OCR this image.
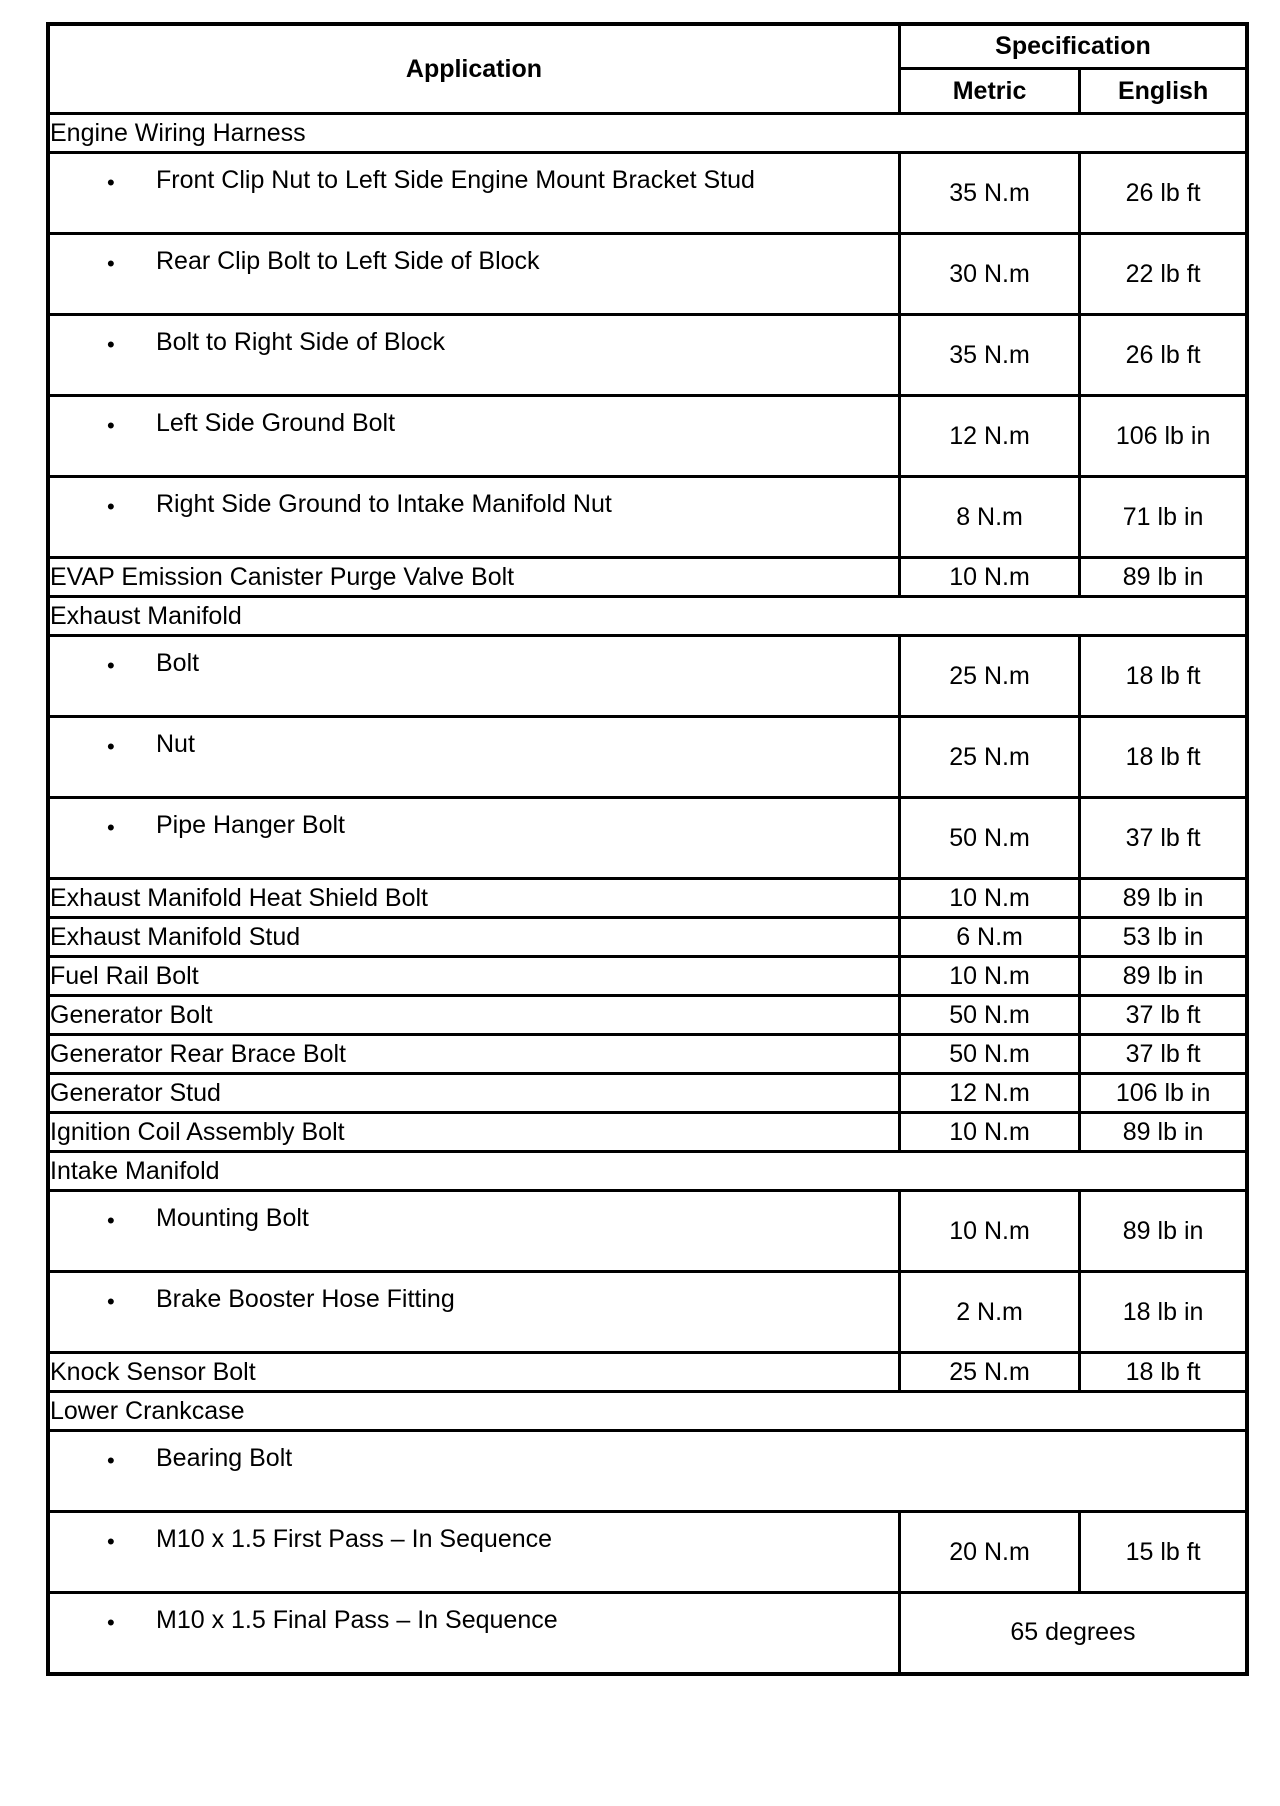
Application	Specification	
	Metric	English
Engine Wiring Harness		

• Front Clip Nut to Left Side Engine Mount Bracket Stud	35 N.m	26 lb ft

• Rear Clip Bolt to Left Side of Block	30 N.m	22 lb ft

• Bolt to Right Side of Block	35 N.m	26 lb ft

• Left Side Ground Bolt	12 N.m	106 lb in

• Right Side Ground to Intake Manifold Nut	8 N.m	71 lb in
EVAP Emission Canister Purge Valve Bolt	10 N.m	89 lb in
Exhaust Manifold		

• Bolt	25 N.m	18 lb ft

• Nut	25 N.m	18 lb ft

• Pipe Hanger Bolt	50 N.m	37 lb ft
Exhaust Manifold Heat Shield Bolt	10 N.m	89 lb in
Exhaust Manifold Stud	6 N.m	53 lb in
Fuel Rail Bolt	10 N.m	89 lb in
Generator Bolt	50 N.m	37 lb ft
Generator Rear Brace Bolt	50 N.m	37 lb ft
Generator Stud	12 N.m	106 lb in
Ignition Coil Assembly Bolt	10 N.m	89 lb in
Intake Manifold		

• Mounting Bolt	10 N.m	89 lb in

• Brake Booster Hose Fitting	2 N.m	18 lb in
Knock Sensor Bolt	25 N.m	18 lb ft
Lower Crankcase		

• Bearing Bolt		

• M10 x 1.5 First Pass – In Sequence	20 N.m	15 lb ft

• M10 x 1.5 Final Pass – In Sequence	65 degrees	
